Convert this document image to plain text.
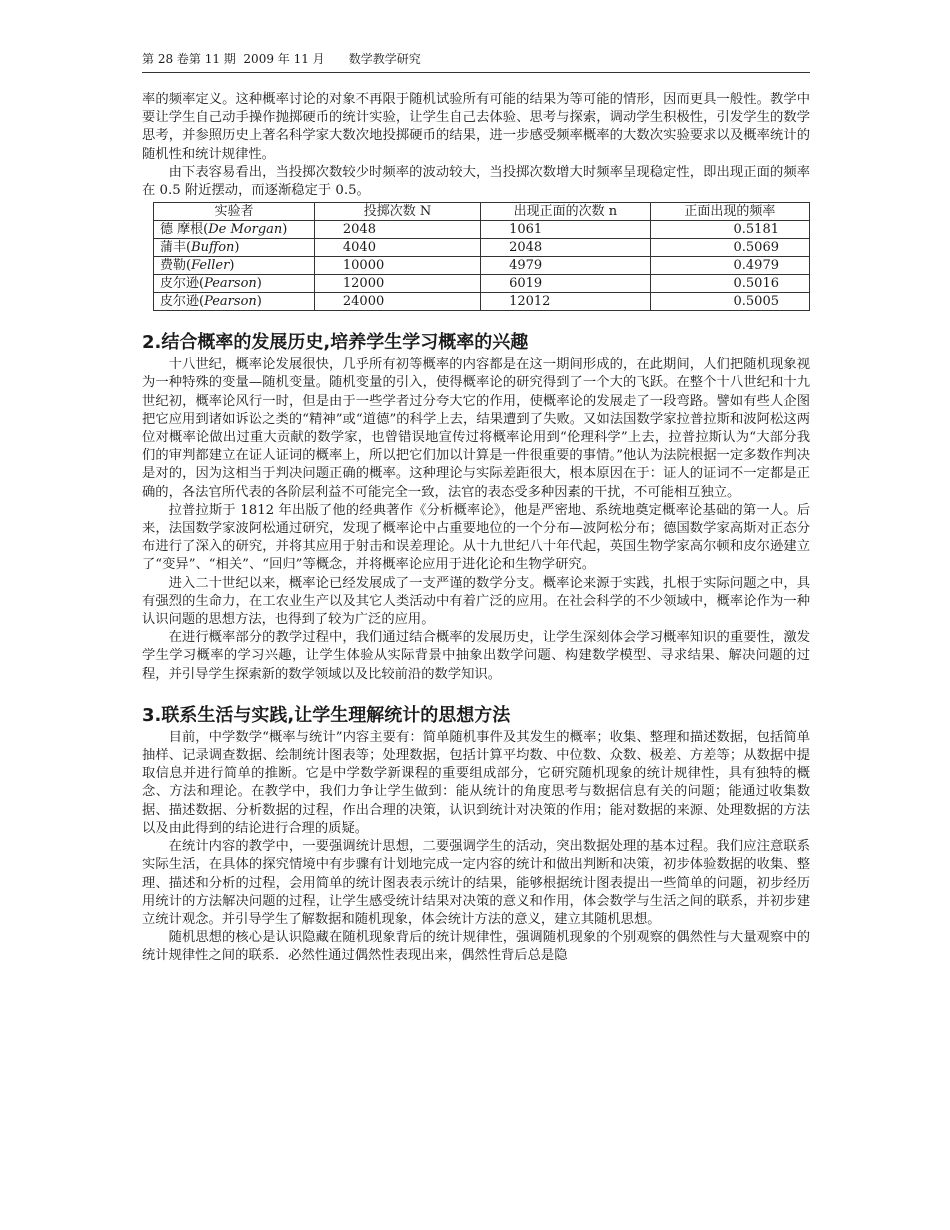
第 28 卷第 11 期  2009 年 11 月 数学教学研究

率的频率定义。这种概率讨论的对象不再限于随机试验所有可能的结果为等可能的情形，因而更具一般性。教学中要让学生自己动手操作抛掷硬币的统计实验，让学生自己去体验、思考与探索，调动学生积极性，引发学生的数学思考，并参照历史上著名科学家大数次地投掷硬币的结果，进一步感受频率概率的大数次实验要求以及概率统计的随机性和统计规律性。

由下表容易看出，当投掷次数较少时频率的波动较大，当投掷次数增大时频率呈现稳定性，即出现正面的频率在 0.5 附近摆动，而逐渐稳定于 0.5。

实验者	投掷次数 N	出现正面的次数 n	正面出现的频率
德 摩根(De Morgan)	2048	1061	0.5181
蒲丰(Buffon)	4040	2048	0.5069
费勒(Feller)	10000	4979	0.4979
皮尔逊(Pearson)	12000	6019	0.5016
皮尔逊(Pearson)	24000	12012	0.5005
2.结合概率的发展历史,培养学生学习概率的兴趣

十八世纪，概率论发展很快，几乎所有初等概率的内容都是在这一期间形成的，在此期间，人们把随机现象视为一种特殊的变量—随机变量。随机变量的引入，使得概率论的研究得到了一个大的飞跃。在整个十八世纪和十九世纪初，概率论风行一时，但是由于一些学者过分夸大它的作用，使概率论的发展走了一段弯路。譬如有些人企图把它应用到诸如诉讼之类的“精神”或“道德”的科学上去，结果遭到了失败。又如法国数学家拉普拉斯和波阿松这两位对概率论做出过重大贡献的数学家，也曾错误地宣传过将概率论用到“伦理科学”上去，拉普拉斯认为“大部分我们的审判都建立在证人证词的概率上，所以把它们加以计算是一件很重要的事情。”他认为法院根据一定多数作判决是对的，因为这相当于判决问题正确的概率。这种理论与实际差距很大，根本原因在于：证人的证词不一定都是正确的，各法官所代表的各阶层利益不可能完全一致，法官的表态受多种因素的干扰，不可能相互独立。

拉普拉斯于 1812 年出版了他的经典著作《分析概率论》，他是严密地、系统地奠定概率论基础的第一人。后来，法国数学家波阿松通过研究，发现了概率论中占重要地位的一个分布—波阿松分布；德国数学家高斯对正态分布进行了深入的研究，并将其应用于射击和误差理论。从十九世纪八十年代起，英国生物学家高尔顿和皮尔逊建立了“变异”、“相关”、“回归”等概念，并将概率论应用于进化论和生物学研究。

进入二十世纪以来，概率论已经发展成了一支严谨的数学分支。概率论来源于实践，扎根于实际问题之中，具有强烈的生命力，在工农业生产以及其它人类活动中有着广泛的应用。在社会科学的不少领域中，概率论作为一种认识问题的思想方法，也得到了较为广泛的应用。

在进行概率部分的教学过程中，我们通过结合概率的发展历史，让学生深刻体会学习概率知识的重要性，激发学生学习概率的学习兴趣，让学生体验从实际背景中抽象出数学问题、构建数学模型、寻求结果、解决问题的过程，并引导学生探索新的数学领域以及比较前沿的数学知识。

3.联系生活与实践,让学生理解统计的思想方法

目前，中学数学“概率与统计”内容主要有：简单随机事件及其发生的概率；收集、整理和描述数据，包括简单抽样、记录调查数据、绘制统计图表等；处理数据，包括计算平均数、中位数、众数、极差、方差等；从数据中提取信息并进行简单的推断。它是中学数学新课程的重要组成部分，它研究随机现象的统计规律性，具有独特的概念、方法和理论。在教学中，我们力争让学生做到：能从统计的角度思考与数据信息有关的问题；能通过收集数据、描述数据、分析数据的过程，作出合理的决策，认识到统计对决策的作用；能对数据的来源、处理数据的方法以及由此得到的结论进行合理的质疑。

在统计内容的教学中，一要强调统计思想，二要强调学生的活动，突出数据处理的基本过程。我们应注意联系实际生活，在具体的探究情境中有步骤有计划地完成一定内容的统计和做出判断和决策，初步体验数据的收集、整理、描述和分析的过程，会用简单的统计图表表示统计的结果，能够根据统计图表提出一些简单的问题，初步经历用统计的方法解决问题的过程，让学生感受统计结果对决策的意义和作用，体会数学与生活之间的联系，并初步建立统计观念。并引导学生了解数据和随机现象，体会统计方法的意义，建立其随机思想。

随机思想的核心是认识隐藏在随机现象背后的统计规律性，强调随机现象的个别观察的偶然性与大量观察中的统计规律性之间的联系．必然性通过偶然性表现出来，偶然性背后总是隐
